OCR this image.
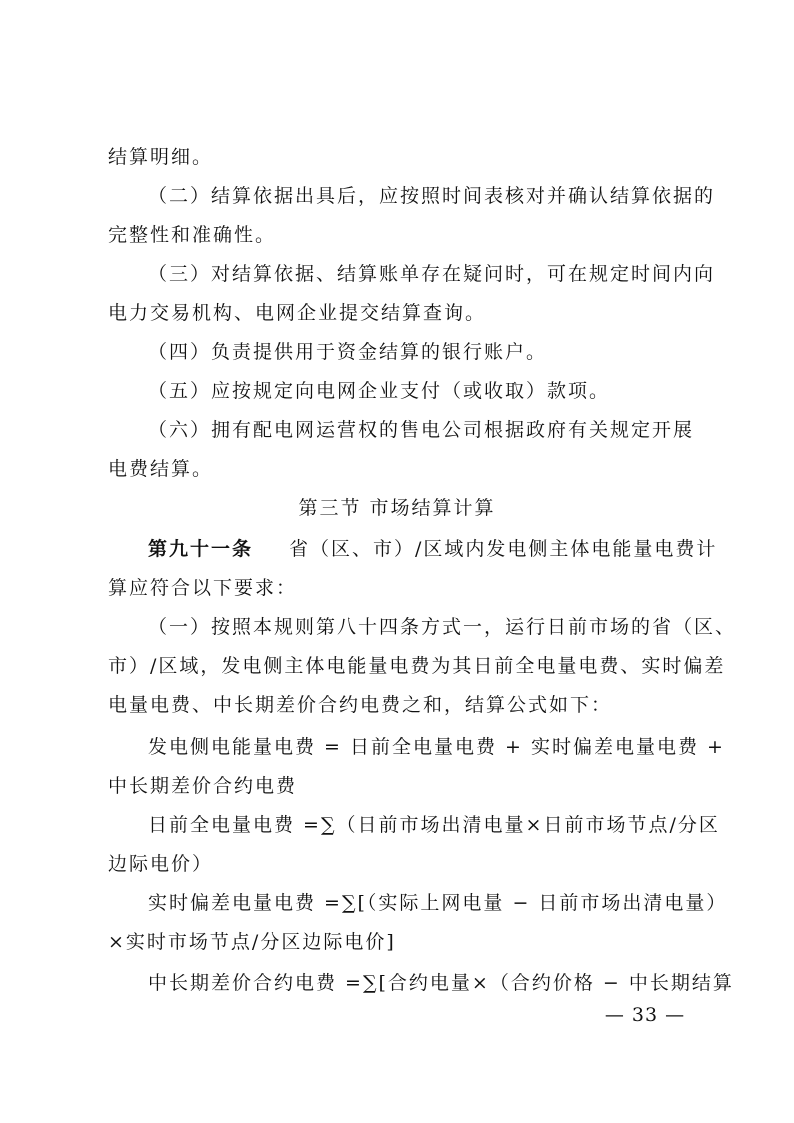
结算明细。
（二）结算依据出具后，应按照时间表核对并确认结算依据的
完整性和准确性。
（三）对结算依据、结算账单存在疑问时，可在规定时间内向
电力交易机构、电网企业提交结算查询。
（四）负责提供用于资金结算的银行账户。
（五）应按规定向电网企业支付（或收取）款项。
（六）拥有配电网运营权的售电公司根据政府有关规定开展
电费结算。
第三节 市场结算计算
第九十一条 省（区、市）/区域内发电侧主体电能量电费计
算应符合以下要求：
（一）按照本规则第八十四条方式一，运行日前市场的省（区、
市）/区域，发电侧主体电能量电费为其日前全电量电费、实时偏差
电量电费、中长期差价合约电费之和，结算公式如下：
发电侧电能量电费 = 日前全电量电费 + 实时偏差电量电费 +
中长期差价合约电费
日前全电量电费 =∑（日前市场出清电量×日前市场节点/分区
边际电价）
实时偏差电量电费 =∑[（实际上网电量 − 日前市场出清电量）
×实时市场节点/分区边际电价]
中长期差价合约电费 =∑[合约电量×（合约价格 − 中长期结算
— 33 —
